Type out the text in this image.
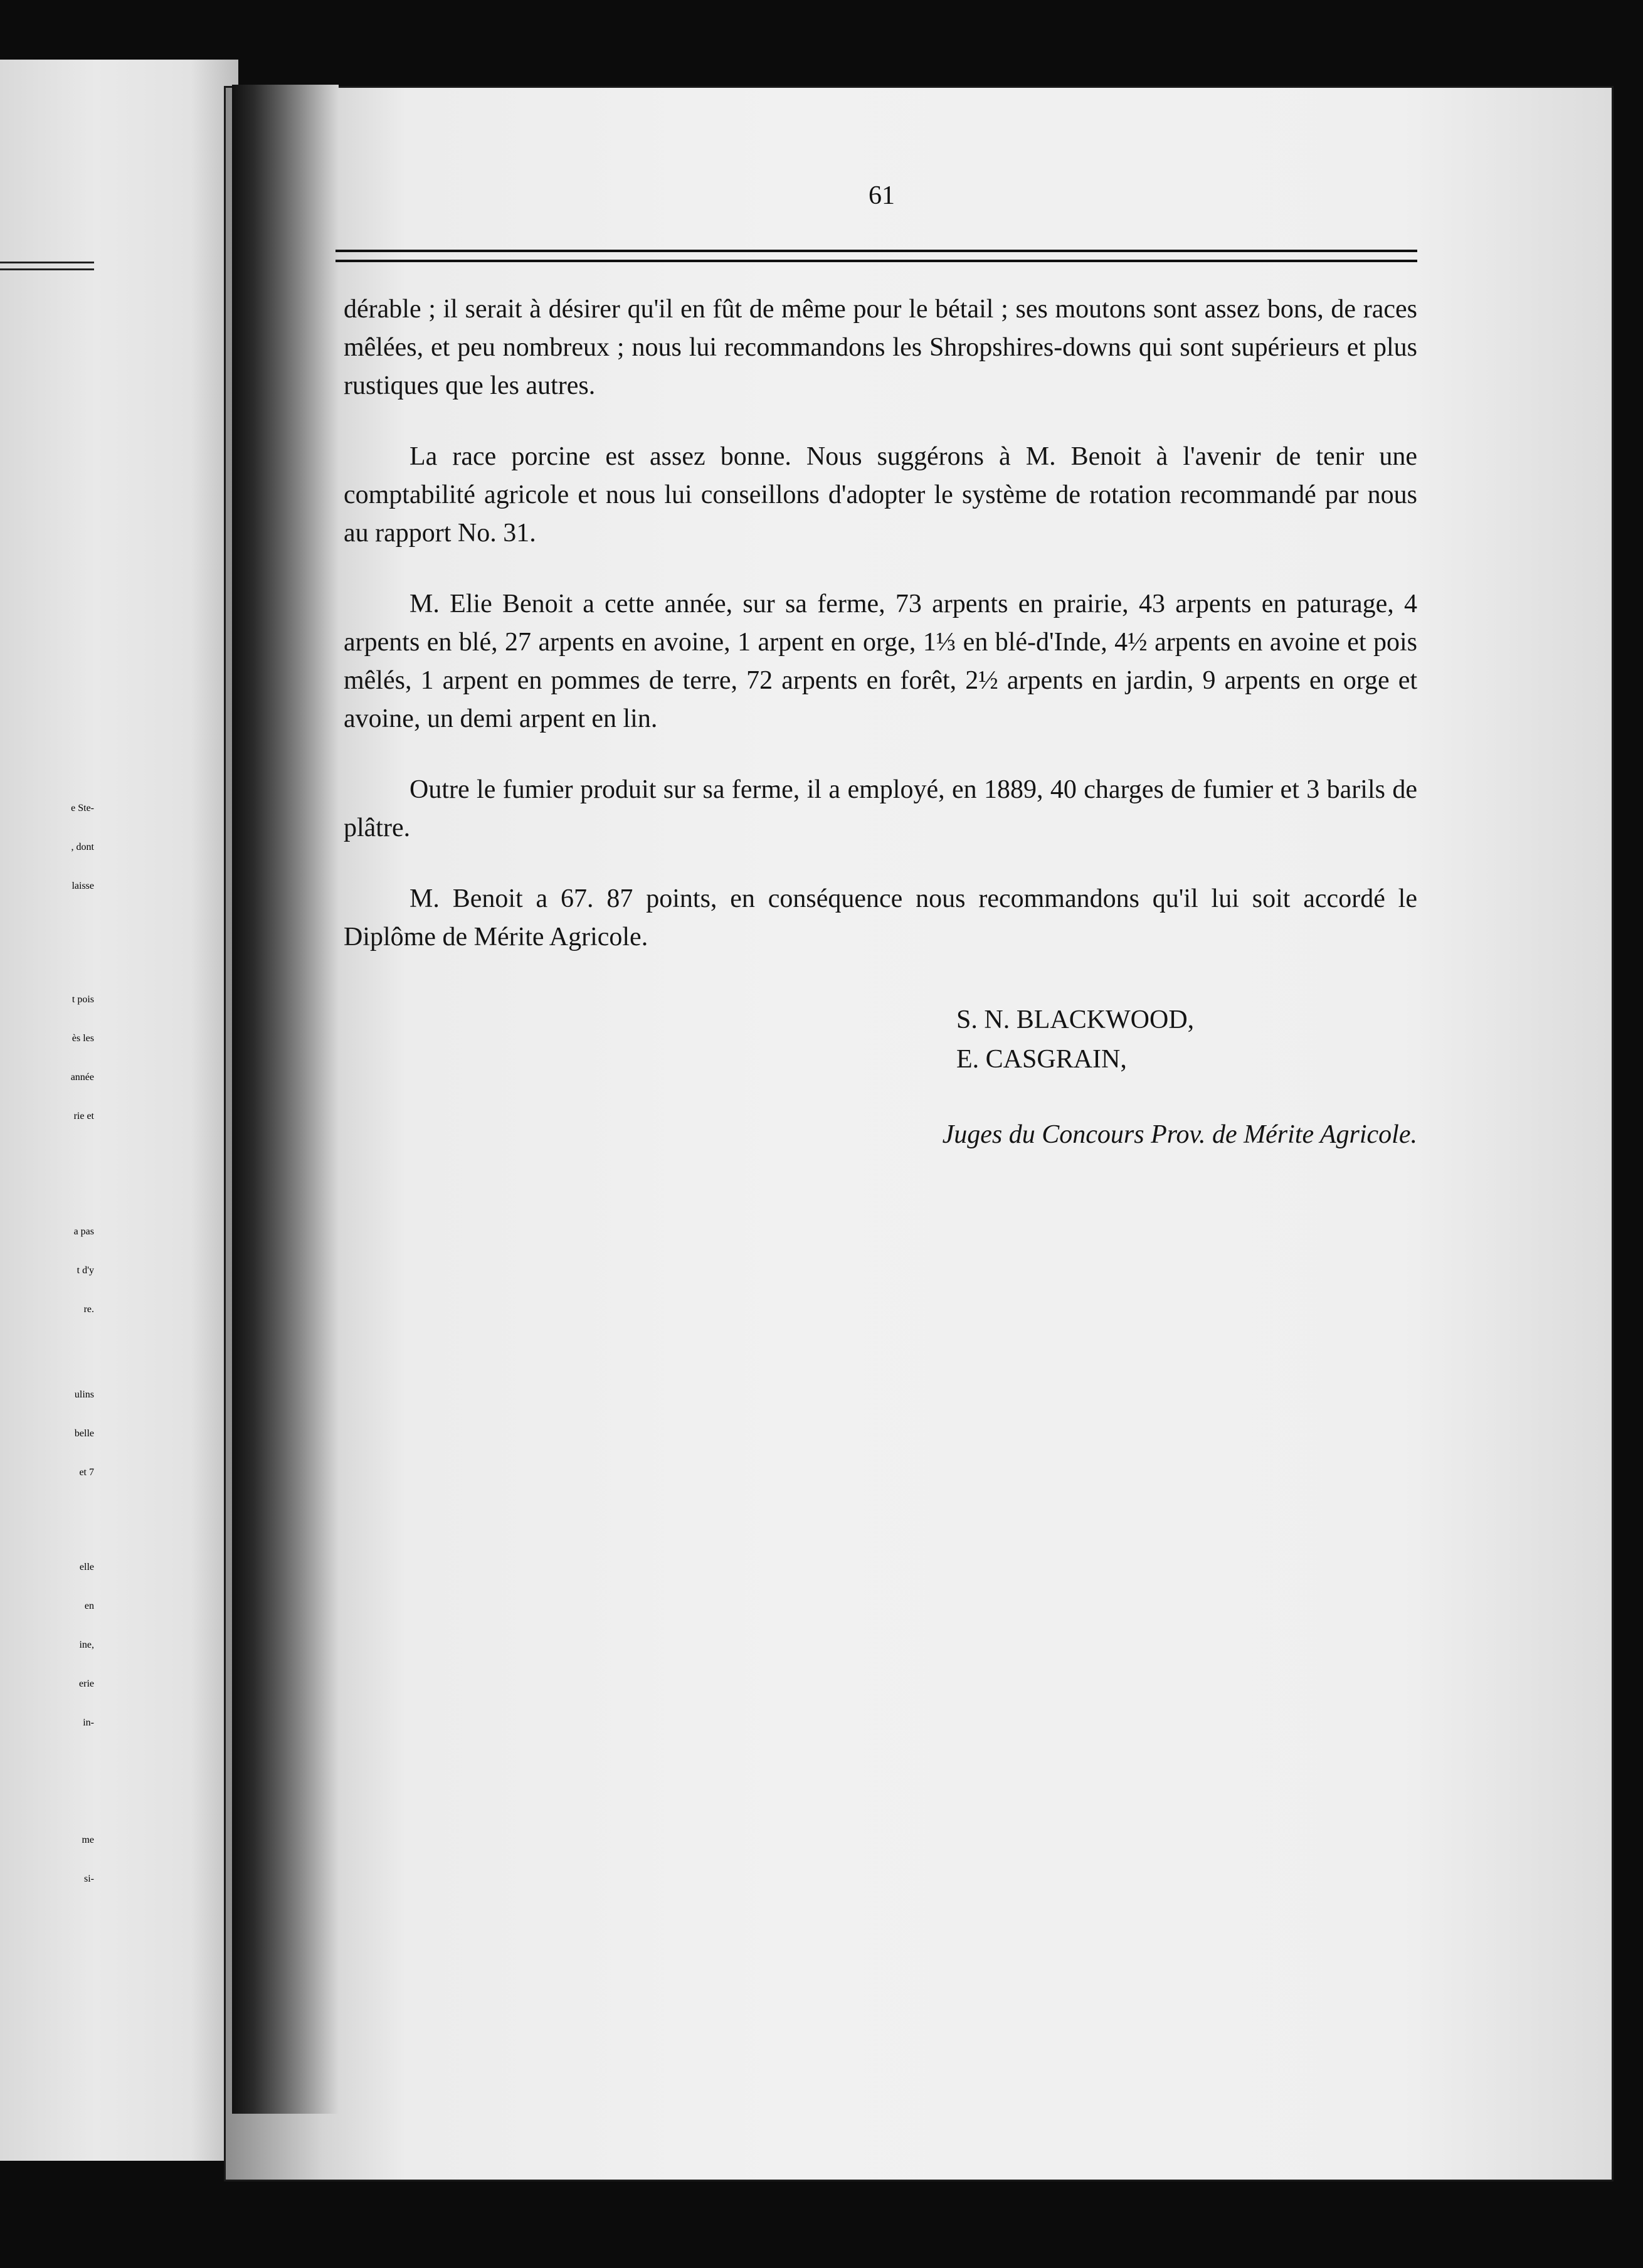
e Ste-
, dont
laisse
t pois
ès les
année
rie et
a pas
t d'y
re.
ulins
belle
et 7
elle
en
ine,
erie
in-
me
si-
61

dérable ; il serait à désirer qu'il en fût de même pour le bétail ; ses moutons sont assez bons, de races mêlées, et peu nombreux ; nous lui recommandons les Shropshires-downs qui sont supérieurs et plus rustiques que les autres.

La race porcine est assez bonne. Nous suggérons à M. Benoit à l'avenir de tenir une comptabilité agricole et nous lui conseillons d'adopter le système de rotation recommandé par nous au rapport No. 31.

M. Elie Benoit a cette année, sur sa ferme, 73 arpents en prairie, 43 arpents en paturage, 4 arpents en blé, 27 arpents en avoine, 1 arpent en orge, 1⅓ en blé-d'Inde, 4½ arpents en avoine et pois mêlés, 1 arpent en pommes de terre, 72 arpents en forêt, 2½ arpents en jardin, 9 arpents en orge et avoine, un demi arpent en lin.

Outre le fumier produit sur sa ferme, il a employé, en 1889, 40 charges de fumier et 3 barils de plâtre.

M. Benoit a 67. 87 points, en conséquence nous recommandons qu'il lui soit accordé le Diplôme de Mérite Agricole.

S. N. BLACKWOOD,
E. CASGRAIN,
Juges du Concours Prov. de Mérite Agricole.
